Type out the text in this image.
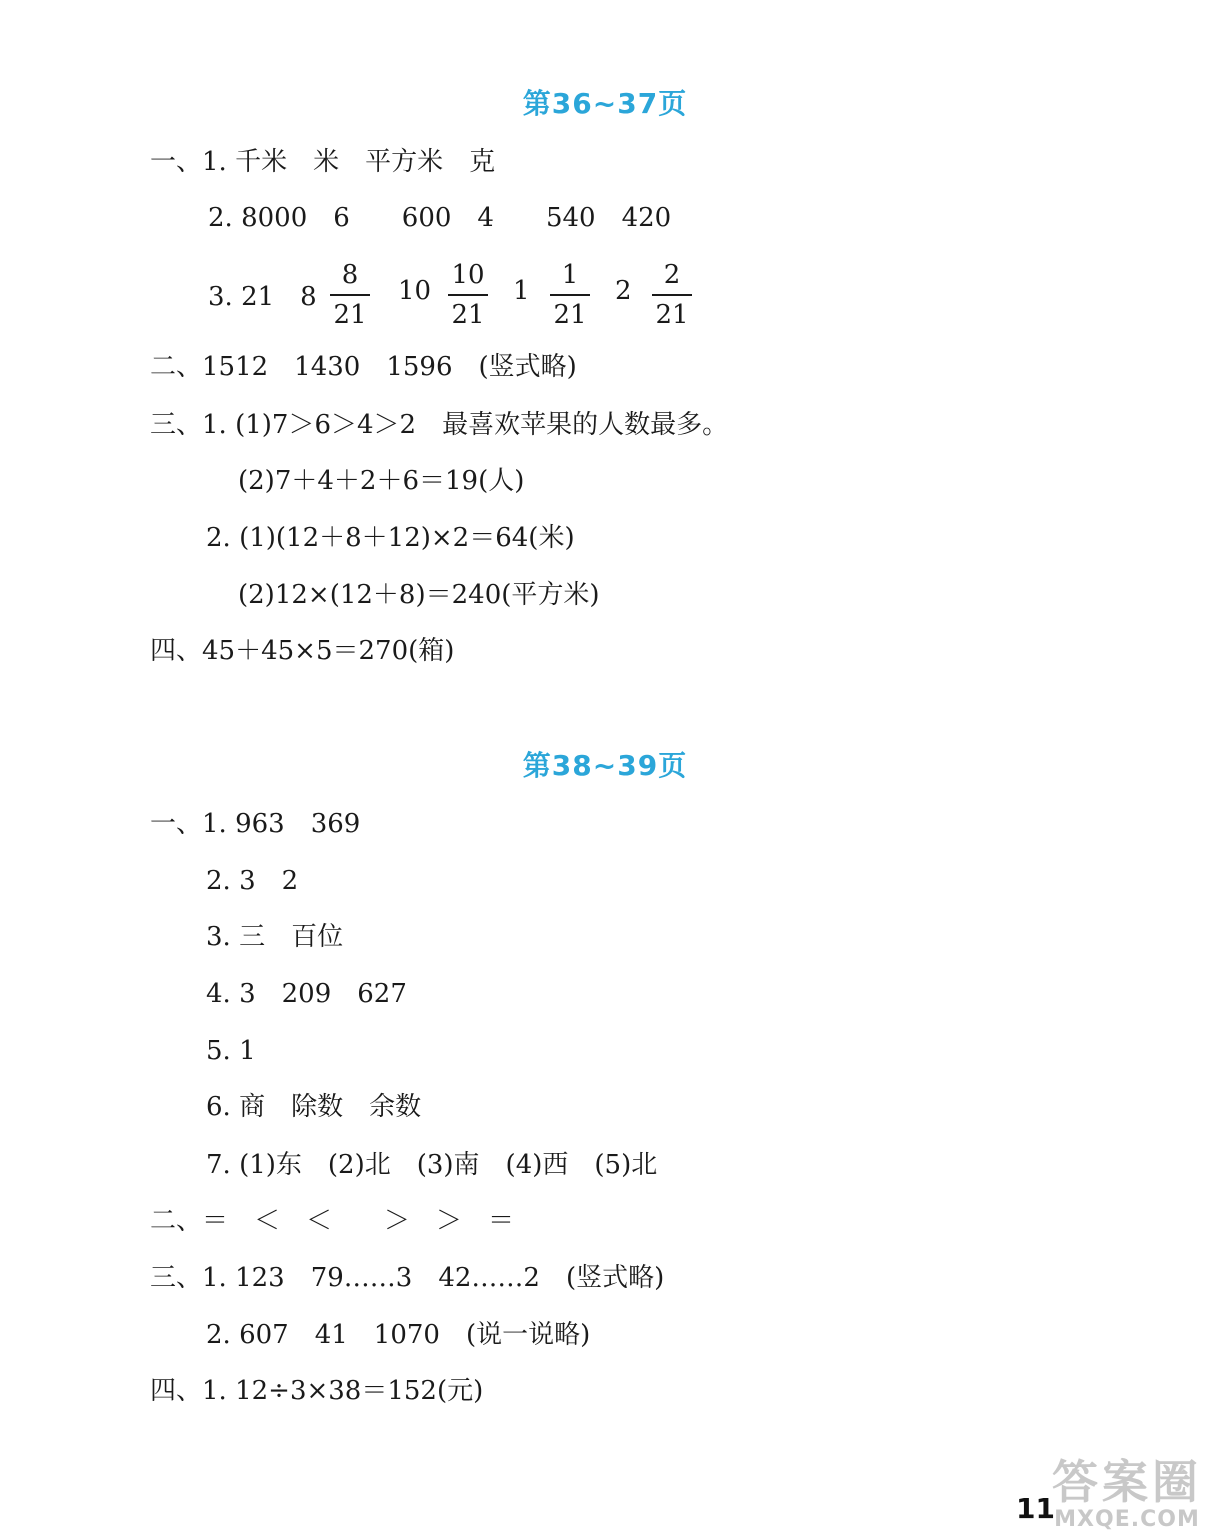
第36~37页
一、1. 千米　米　平方米　克
2. 8000　6　　600　4　　540　420
3. 21　8
8
21
10
10
21
1
1
21
2
2
21
二、1512　1430　1596　(竖式略)
三、1. (1)7＞6＞4＞2　最喜欢苹果的人数最多。
(2)7＋4＋2＋6＝19(人)
2. (1)(12＋8＋12)×2＝64(米)
(2)12×(12＋8)＝240(平方米)
四、45＋45×5＝270(箱)
第38~39页
一、1. 963　369
2. 3　2
3. 三　百位
4. 3　209　627
5. 1
6. 商　除数　余数
7. (1)东　(2)北　(3)南　(4)西　(5)北
二、＝　＜　＜　　＞　＞　＝
三、1. 123　79……3　42……2　(竖式略)
2. 607　41　1070　(说一说略)
四、1. 12÷3×38＝152(元)
11
答案圈
MXQE.COM
